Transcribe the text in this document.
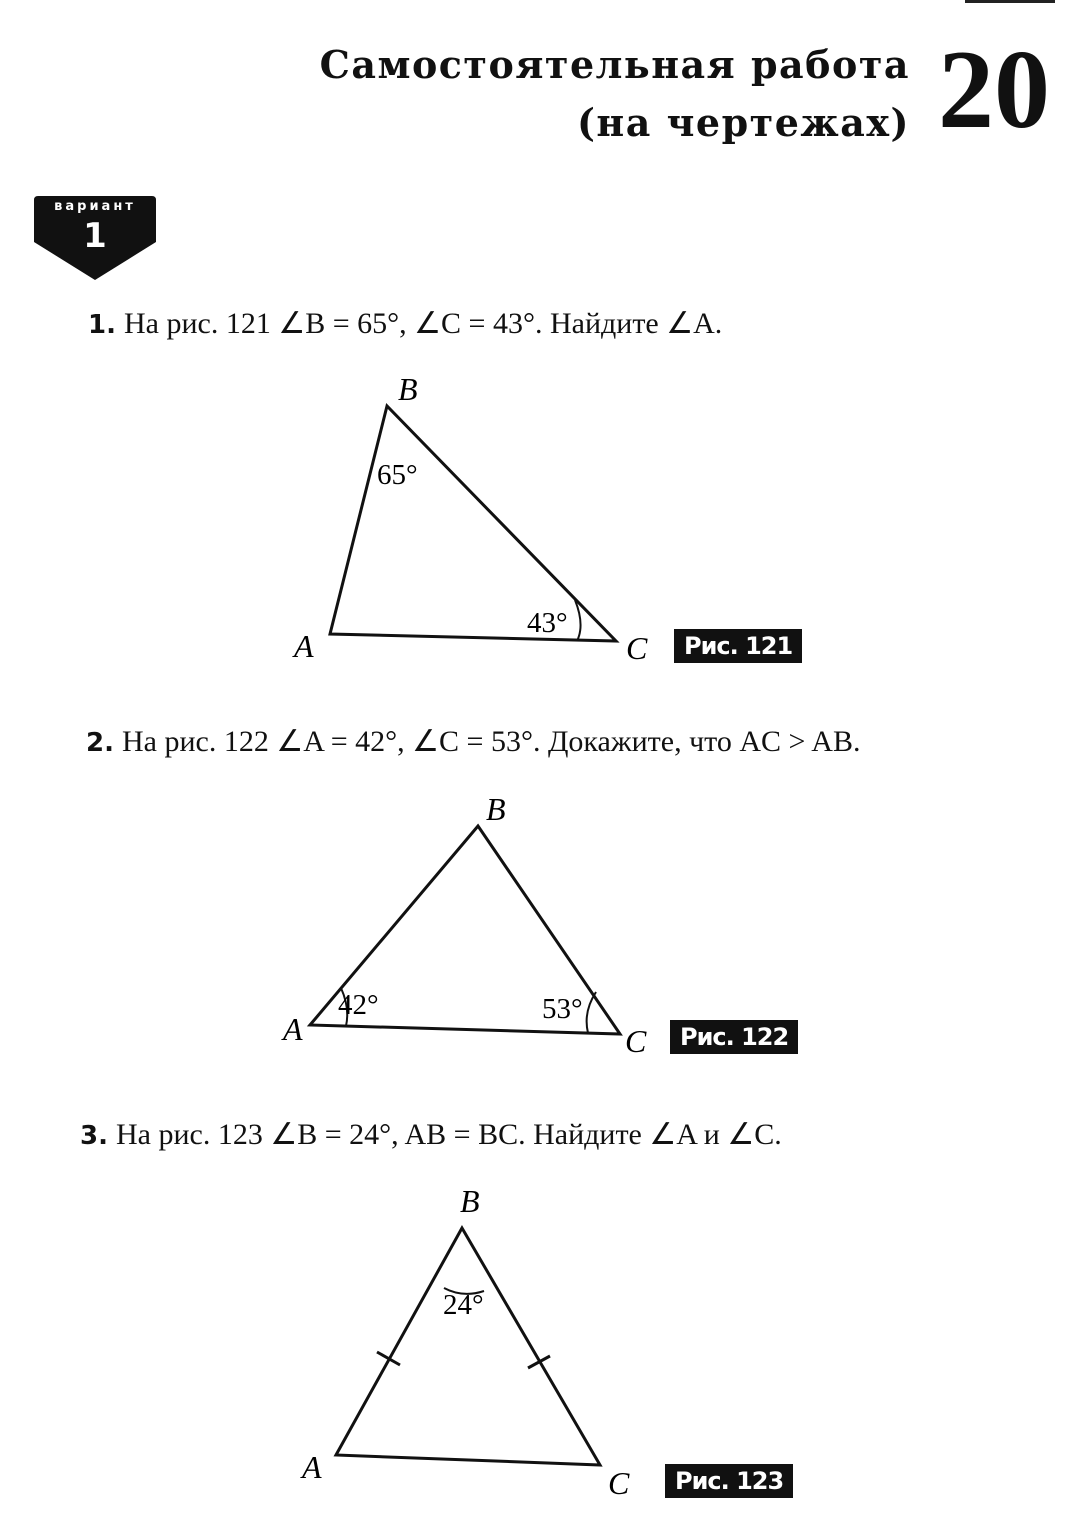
Самостоятельная работа
(на чертежах) 20
вариант
1
1. На рис. 121 ∠B = 65°, ∠C = 43°. Найдите ∠A.
B
A	C
65°
43°
B
A	C
42°	53°
B
A	C
24°
Рис. 121
2. На рис. 122 ∠A = 42°, ∠C = 53°. Докажите, что AC > AB.
Рис. 122
3. На рис. 123 ∠B = 24°, AB = BC. Найдите ∠A и ∠C.
Рис. 123
